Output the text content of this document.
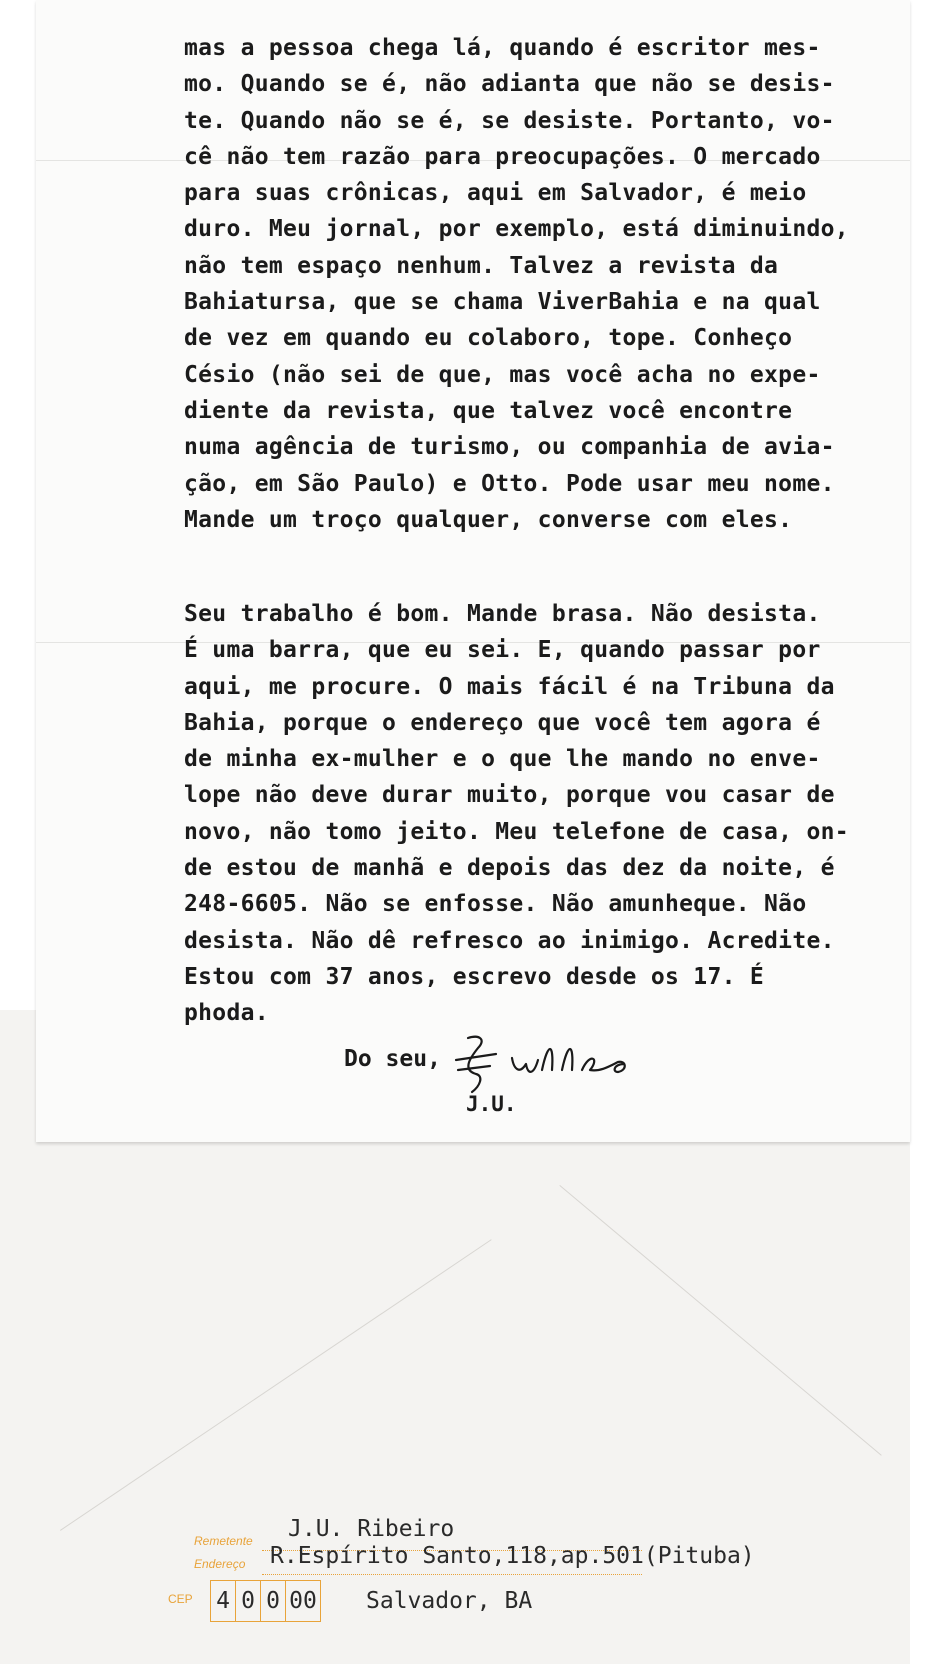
mas a pessoa chega lá, quando é escritor mes-
mo. Quando se é, não adianta que não se desis-
te. Quando não se é, se desiste. Portanto, vo-
cê não tem razão para preocupações. O mercado
para suas crônicas, aqui em Salvador, é meio
duro. Meu jornal, por exemplo, está diminuindo,
não tem espaço nenhum. Talvez a revista da
Bahiatursa, que se chama ViverBahia e na qual
de vez em quando eu colaboro, tope. Conheço
Césio (não sei de que, mas você acha no expe-
diente da revista, que talvez você encontre
numa agência de turismo, ou companhia de avia-
ção, em São Paulo) e Otto. Pode usar meu nome.
Mande um troço qualquer, converse com eles.
Seu trabalho é bom. Mande brasa. Não desista.
É uma barra, que eu sei. E, quando passar por
aqui, me procure. O mais fácil é na Tribuna da
Bahia, porque o endereço que você tem agora é
de minha ex-mulher e o que lhe mando no enve-
lope não deve durar muito, porque vou casar de
novo, não tomo jeito. Meu telefone de casa, on-
de estou de manhã e depois das dez da noite, é
248-6605. Não se enfosse. Não amunheque. Não
desista. Não dê refresco ao inimigo. Acredite.
Estou com 37 anos, escrevo desde os 17. É
phoda.
Do seu,
J.U.
Remetente
Endereço
J.U. Ribeiro
R.Espírito Santo,118,ap.501(Pituba)
CEP 4 0 0 00 Salvador, BA
